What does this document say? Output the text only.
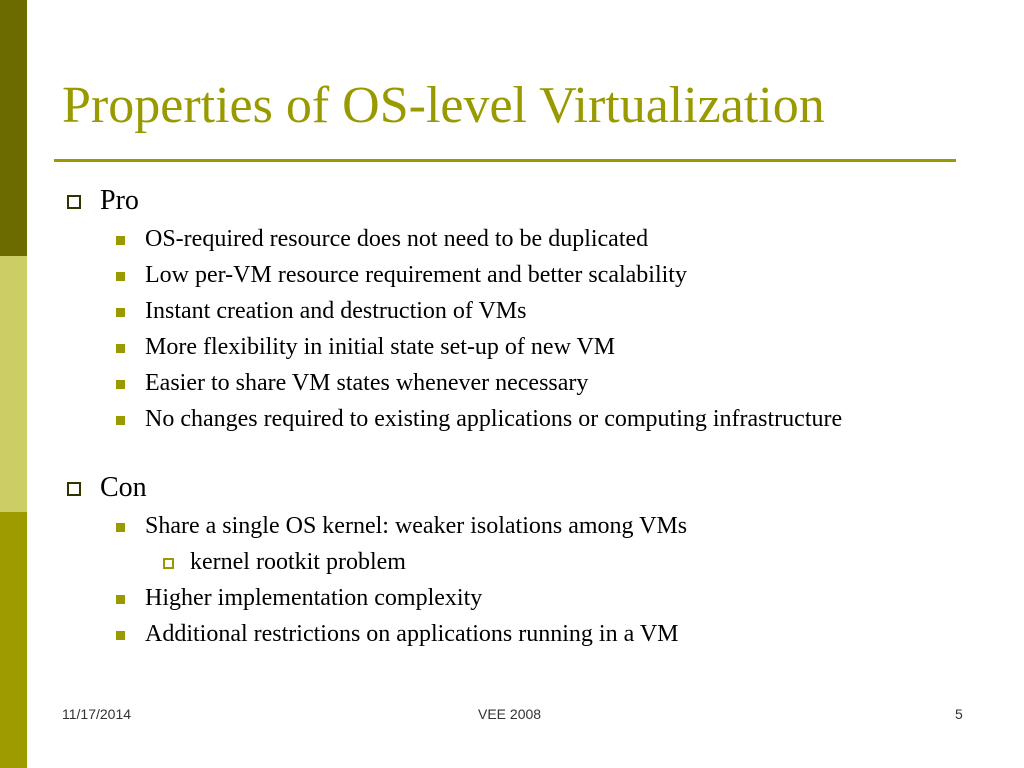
Properties of OS-level Virtualization
Pro
OS-required resource does not need to be duplicated
Low per-VM resource requirement and better scalability
Instant creation and destruction of VMs
More flexibility in initial state set-up of new VM
Easier to share VM states whenever necessary
No changes required to existing applications or computing infrastructure
Con
Share a single OS kernel: weaker isolations among VMs
kernel rootkit problem
Higher implementation complexity
Additional restrictions on applications running in a VM
11/17/2014	VEE 2008	5
